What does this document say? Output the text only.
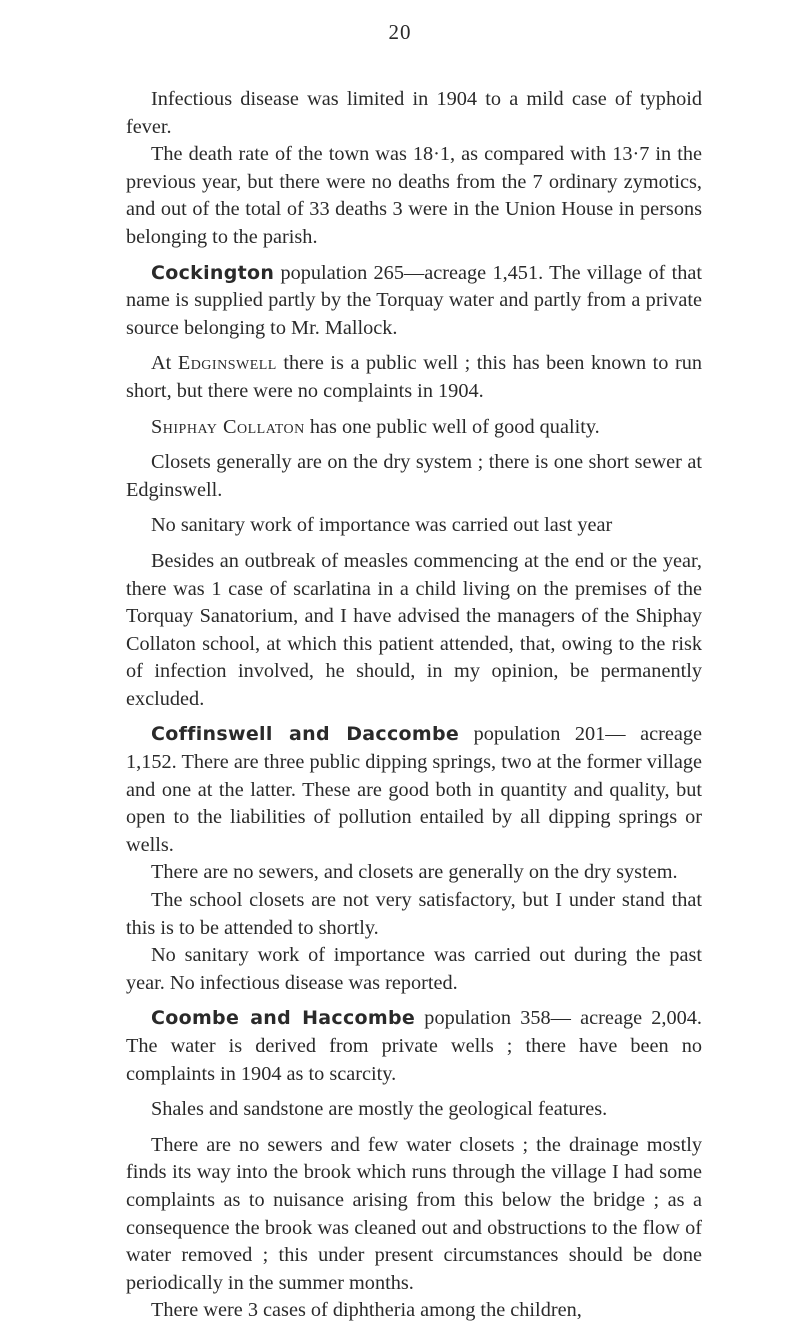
20

Infectious disease was limited in 1904 to a mild case of typhoid fever.

The death rate of the town was 18·1, as compared with 13·7 in the previous year, but there were no deaths from the 7 ordinary zymotics, and out of the total of 33 deaths 3 were in the Union House in persons belonging to the parish.

Cockington population 265—acreage 1,451. The village of that name is supplied partly by the Torquay water and partly from a private source belonging to Mr. Mallock.

At Edginswell there is a public well ; this has been known to run short, but there were no complaints in 1904.

Shiphay Collaton has one public well of good quality.

Closets generally are on the dry system ; there is one short sewer at Edginswell.

No sanitary work of importance was carried out last year

Besides an outbreak of measles commencing at the end or the year, there was 1 case of scarlatina in a child living on the premises of the Torquay Sanatorium, and I have advised the managers of the Shiphay Collaton school, at which this patient attended, that, owing to the risk of infection involved, he should, in my opinion, be permanently excluded.

Coffinswell and Daccombe population 201— acreage 1,152. There are three public dipping springs, two at the former village and one at the latter. These are good both in quantity and quality, but open to the liabilities of pollution entailed by all dipping springs or wells.

There are no sewers, and closets are generally on the dry system.

The school closets are not very satisfactory, but I under stand that this is to be attended to shortly.

No sanitary work of importance was carried out during the past year. No infectious disease was reported.

Coombe and Haccombe population 358— acreage 2,004. The water is derived from private wells ; there have been no complaints in 1904 as to scarcity.

Shales and sandstone are mostly the geological features.

There are no sewers and few water closets ; the drainage mostly finds its way into the brook which runs through the village I had some complaints as to nuisance arising from this below the bridge ; as a consequence the brook was cleaned out and obstructions to the flow of water removed ; this under present circumstances should be done periodically in the summer months.

There were 3 cases of diphtheria among the children,
